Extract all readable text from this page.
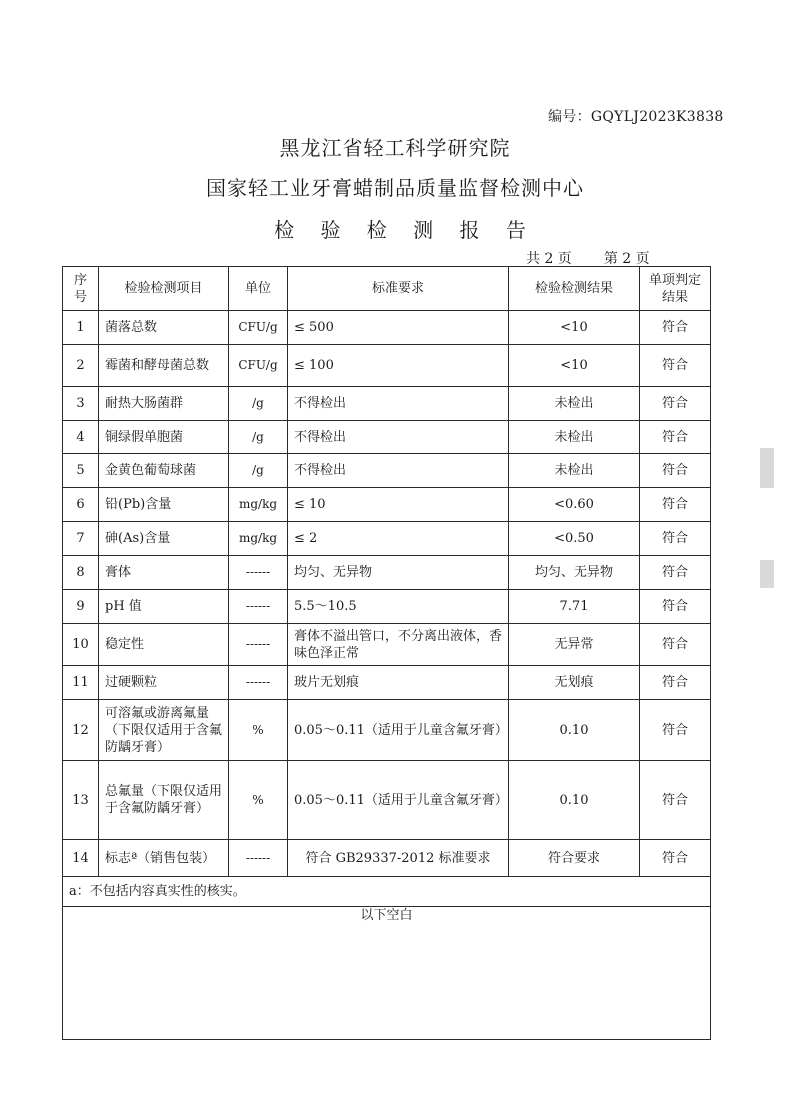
编号：GQYLJ2023K3838
黑龙江省轻工科学研究院
国家轻工业牙膏蜡制品质量监督检测中心
检 验 检 测 报 告
共 2 页 第 2 页
序号	检验检测项目	单位	标准要求	检验检测结果	单项判定结果
1	菌落总数	CFU/g	≤ 500	<10	符合
2	霉菌和酵母菌总数	CFU/g	≤ 100	<10	符合
3	耐热大肠菌群	/g	不得检出	未检出	符合
4	铜绿假单胞菌	/g	不得检出	未检出	符合
5	金黄色葡萄球菌	/g	不得检出	未检出	符合
6	铅(Pb)含量	mg/kg	≤ 10	<0.60	符合
7	砷(As)含量	mg/kg	≤ 2	<0.50	符合
8	膏体	------	均匀、无异物	均匀、无异物	符合
9	pH 值	------	5.5～10.5	7.71	符合
10	稳定性	------	膏体不溢出管口，不分离出液体，香味色泽正常	无异常	符合
11	过硬颗粒	------	玻片无划痕	无划痕	符合
12	可溶氟或游离氟量（下限仅适用于含氟防龋牙膏）	%	0.05～0.11（适用于儿童含氟牙膏）	0.10	符合
13	总氟量（下限仅适用于含氟防龋牙膏）	%	0.05～0.11（适用于儿童含氟牙膏）	0.10	符合
14	标志ª（销售包装）	------	符合 GB29337-2012 标准要求	符合要求	符合
a：不包括内容真实性的核实。					
以下空白					
